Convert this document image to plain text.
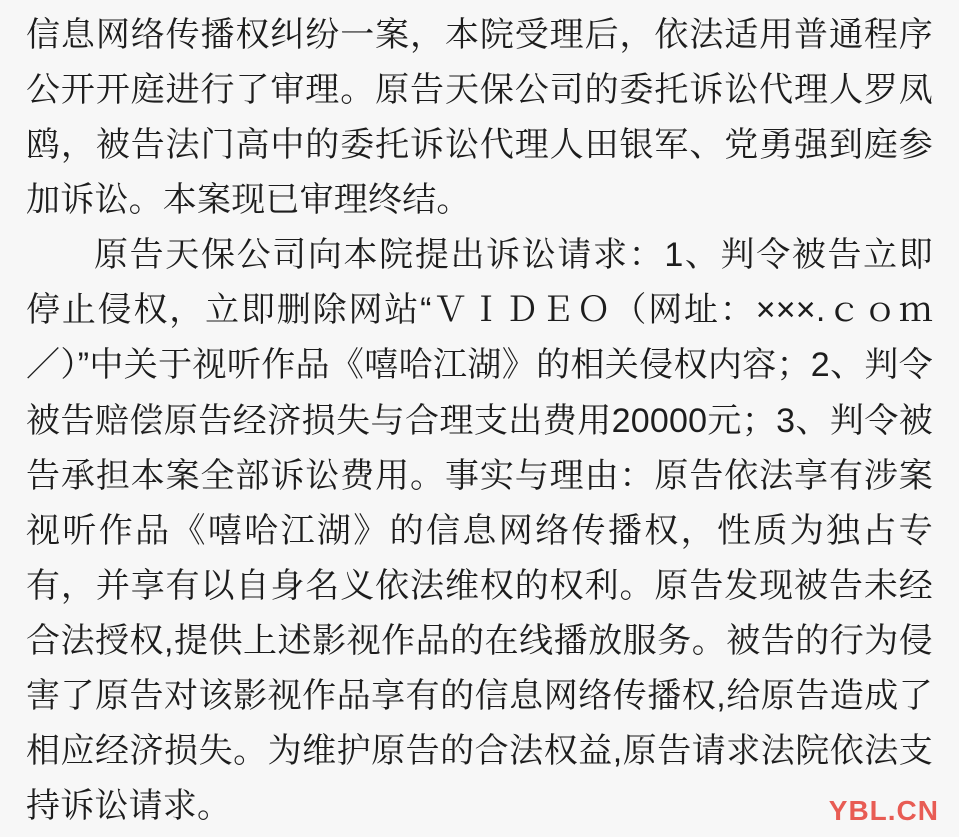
信息网络传播权纠纷一案，本院受理后，依法适用普通程序公开开庭进行了审理。原告天保公司的委托诉讼代理人罗凤鸥，被告法门高中的委托诉讼代理人田银军、党勇强到庭参加诉讼。本案现已审理终结。

原告天保公司向本院提出诉讼请求：1、判令被告立即停止侵权，立即删除网站“ＶＩＤＥＯ（网址：×××.ｃｏｍ／）”中关于视听作品《嘻哈江湖》的相关侵权内容；2、判令被告赔偿原告经济损失与合理支出费用20000元；3、判令被告承担本案全部诉讼费用。事实与理由：原告依法享有涉案视听作品《嘻哈江湖》的信息网络传播权，性质为独占专有，并享有以自身名义依法维权的权利。原告发现被告未经合法授权,提供上述影视作品的在线播放服务。被告的行为侵害了原告对该影视作品享有的信息网络传播权,给原告造成了相应经济损失。为维护原告的合法权益,原告请求法院依法支持诉讼请求。	YBL.CN
